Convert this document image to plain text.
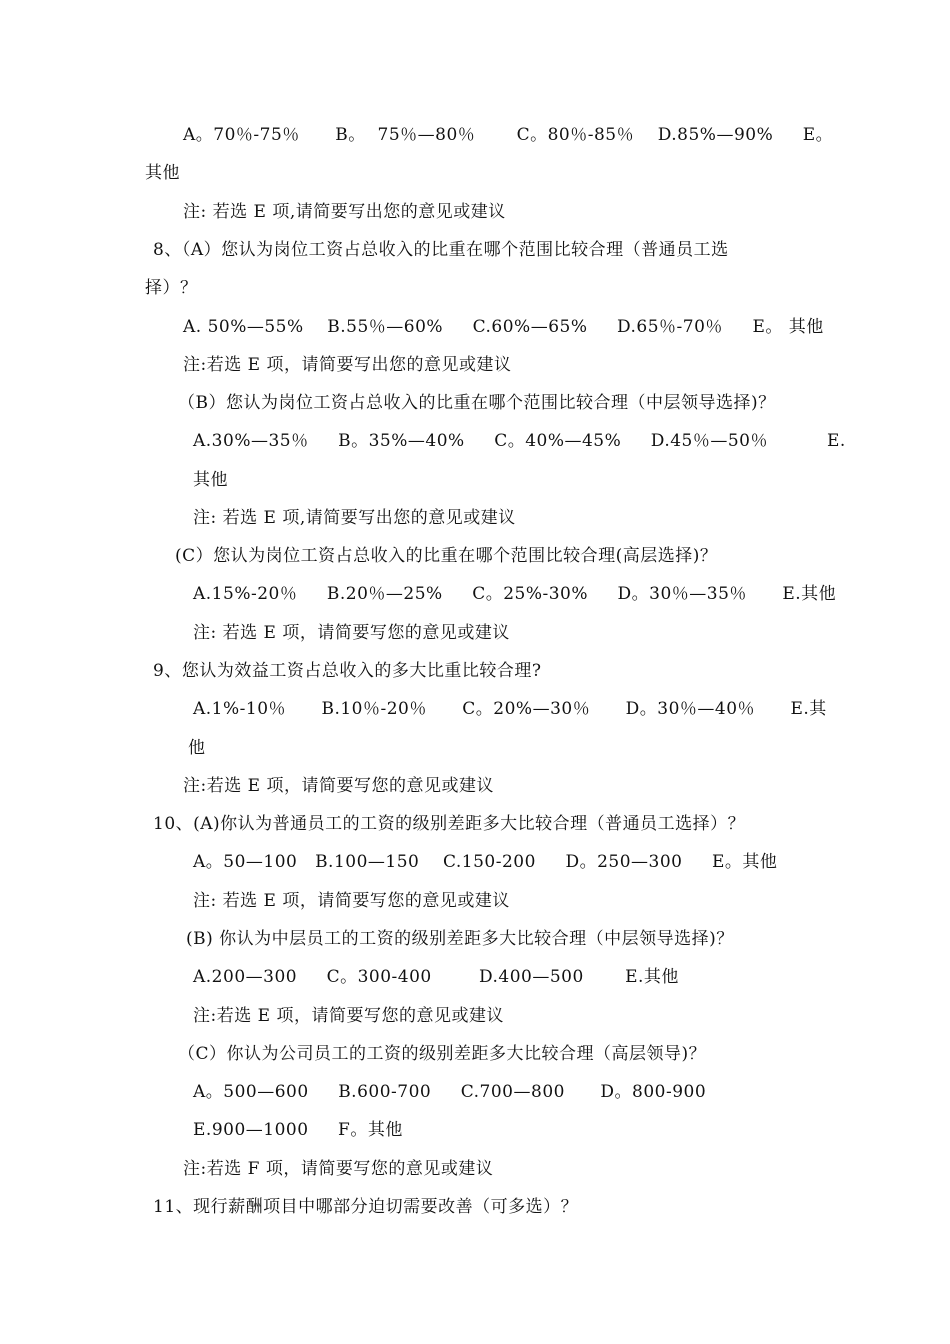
A。70％-75％      B。  75％—80％       C。80％-85％    D.85%—90%     E。
其他
注: 若选 E 项,请简要写出您的意见或建议
8、（A）您认为岗位工资占总收入的比重在哪个范围比较合理（普通员工选
择）？
A. 50%—55%    B.55％—60%     C.60%—65%     D.65％-70％     E。 其他
注:若选 E 项，请简要写出您的意见或建议
（B）您认为岗位工资占总收入的比重在哪个范围比较合理（中层领导选择)？
A.30%—35％     B。35%—40%     C。40%—45%     D.45％—50％          E.
其他
注: 若选 E 项,请简要写出您的意见或建议
(C）您认为岗位工资占总收入的比重在哪个范围比较合理(高层选择)？
A.15%-20％     B.20％—25%     C。25%-30%     D。30％—35％      E.其他
注: 若选 E 项，请简要写您的意见或建议
9、您认为效益工资占总收入的多大比重比较合理?
A.1%-10％      B.10％-20％      C。20%—30％      D。30％—40％      E.其
他
注:若选 E 项，请简要写您的意见或建议
10、(A)你认为普通员工的工资的级别差距多大比较合理（普通员工选择）？
A。50—100   B.100—150    C.150-200     D。250—300     E。其他
注: 若选 E 项，请简要写您的意见或建议
(B) 你认为中层员工的工资的级别差距多大比较合理（中层领导选择)？
A.200—300     C。300-400        D.400—500       E.其他
注:若选 E 项，请简要写您的意见或建议
（C）你认为公司员工的工资的级别差距多大比较合理（高层领导)？
A。500—600     B.600-700     C.700—800      D。800-900
E.900—1000     F。其他
注:若选 F 项，请简要写您的意见或建议
11、现行薪酬项目中哪部分迫切需要改善（可多选）？
